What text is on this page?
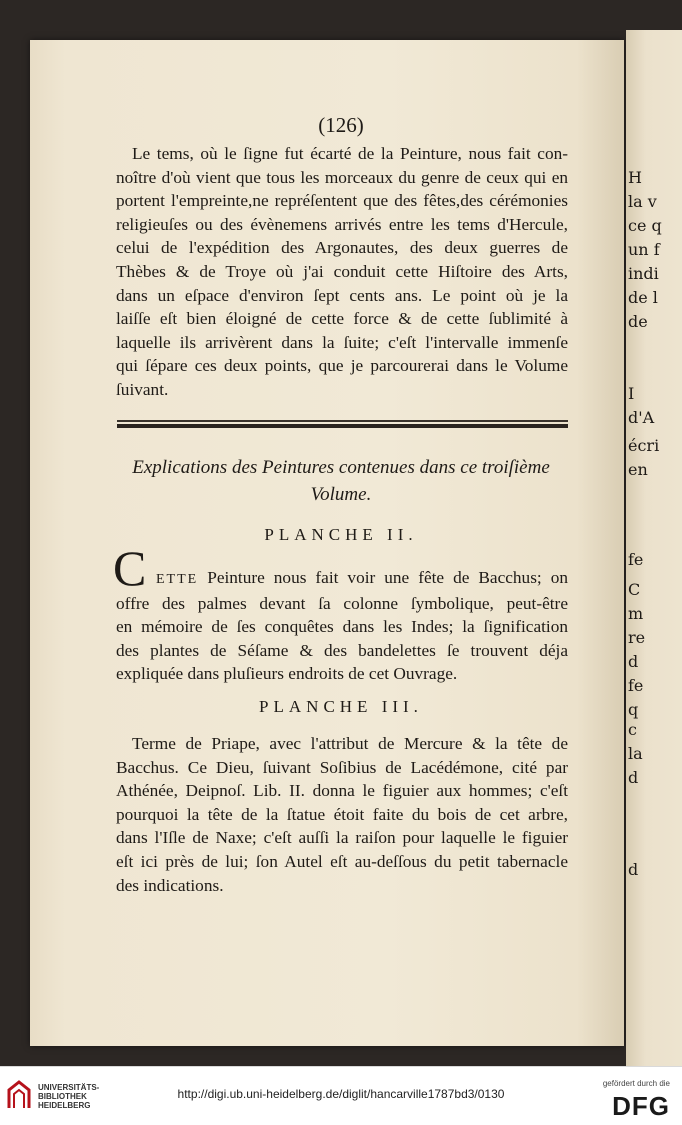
(126)
Le tems, où le ſigne fut écarté de la Peinture, nous fait con-
noître d'où vient que tous les morceaux du genre de ceux qui en
portent l'empreinte,ne repréſentent que des fêtes,des cérémonies
religieuſes ou des évènemens arrivés entre les tems d'Hercule,
celui de l'expédition des Argonautes, des deux guerres de
Thèbes & de Troye où j'ai conduit cette Hiſtoire des Arts,
dans un eſpace d'environ ſept cents ans. Le point où je la
laiſſe eſt bien éloigné de cette force & de cette ſublimité à
laquelle ils arrivèrent dans la ſuite; c'eſt l'intervalle immenſe
qui ſépare ces deux points, que je parcourerai dans le Volume
ſuivant.
Explications des Peintures contenues dans ce troiſième
Volume.
PLANCHE II.
C ETTE Peinture nous fait voir une fête de Bacchus; on
offre des palmes devant ſa colonne ſymbolique, peut-être
en mémoire de ſes conquêtes dans les Indes; la ſignification
des plantes de Séſame & des bandelettes ſe trouvent déja
expliquée dans pluſieurs endroits de cet Ouvrage.
PLANCHE III.
Terme de Priape, avec l'attribut de Mercure & la tête de
Bacchus. Ce Dieu, ſuivant Soſibius de Lacédémone, cité par
Athénée, Deipnoſ. Lib. II. donna le figuier aux hommes; c'eſt
pourquoi la tête de la ſtatue étoit faite du bois de cet arbre,
dans l'Iſle de Naxe; c'eſt auſſi la raiſon pour laquelle le figuier
eſt ici près de lui; ſon Autel eſt au-deſſous du petit tabernacle
des indications.
H
la v
ce q
un f
indi
de l
de
I
d'A
écri
en
fe
C
m
re
d
fe
q
c
la
d
d
UNIVERSITÄTS-
BIBLIOTHEK
HEIDELBERG
http://digi.ub.uni-heidelberg.de/diglit/hancarville1787bd3/0130
gefördert durch die
DFG
